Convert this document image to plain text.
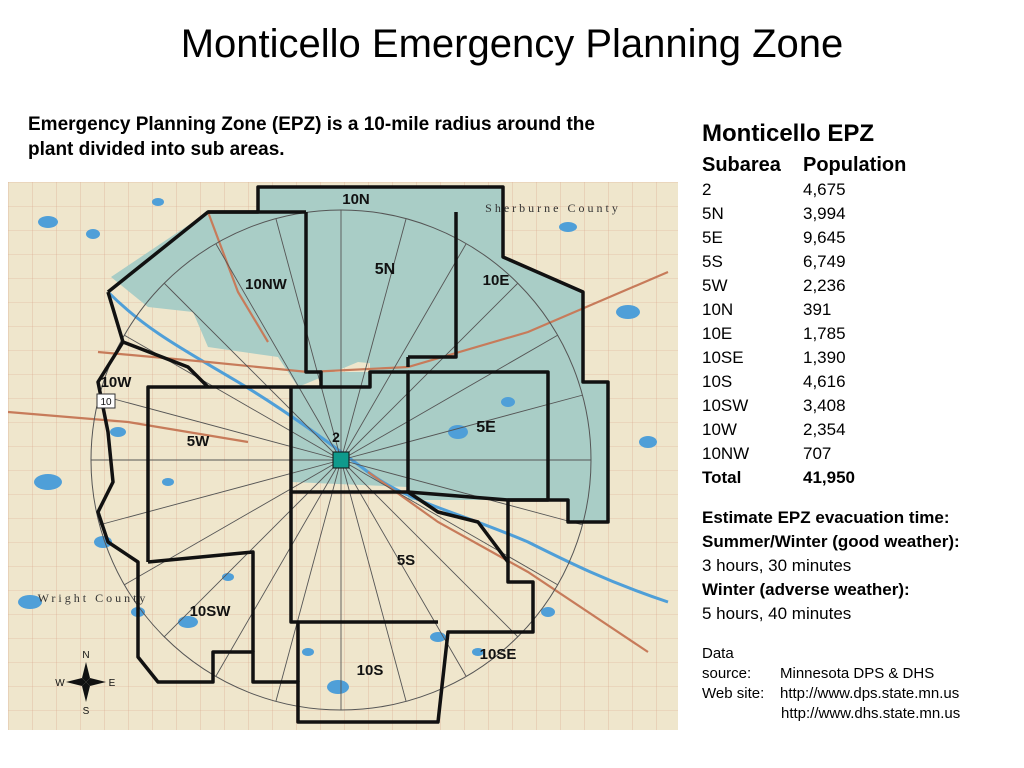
Monticello Emergency Planning Zone
Emergency Planning Zone (EPZ) is a 10-mile radius around the plant divided into sub areas.
10N
5N
10NW	10E
10W
5W	2
5E
5S
10SW
10S
10SE
Sherburne County
Wright County
10
N
S
E
W
Monticello EPZ
Subarea	Population
2	4,675
5N	3,994
5E	9,645
5S	6,749
5W	2,236
10N	391
10E	1,785
10SE	1,390
10S	4,616
10SW	3,408
10W	2,354
10NW	707
Total	41,950
Estimate EPZ evacuation time:
Summer/Winter (good weather):
3 hours, 30 minutes
Winter (adverse weather):
5 hours, 40 minutes
Data source: Minnesota DPS & DHS
Web site: http://www.dps.state.mn.us
http://www.dhs.state.mn.us
